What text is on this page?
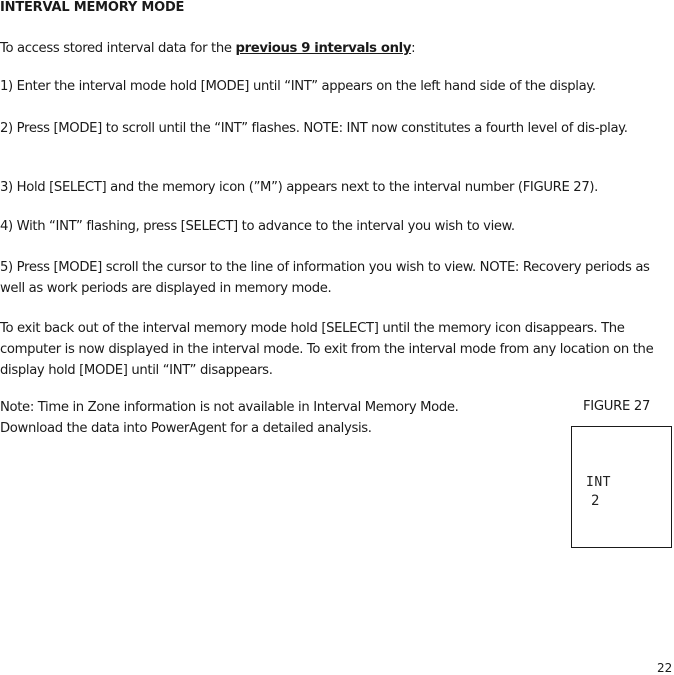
INTERVAL MEMORY MODE

To access stored interval data for the previous 9 intervals only:

1) Enter the interval mode hold [MODE] until “INT” appears on the left hand side of the display.

2) Press [MODE] to scroll until the “INT” flashes. NOTE: INT now constitutes a fourth level of dis-play.

3) Hold [SELECT] and the memory icon (”M”) appears next to the interval number (FIGURE 27).

4) With “INT” flashing, press [SELECT] to advance to the interval you wish to view.

5) Press [MODE] scroll the cursor to the line of information you wish to view. NOTE: Recovery periods as well as work periods are displayed in memory mode.

To exit back out of the interval memory mode hold [SELECT] until the memory icon disappears. The computer is now displayed in the interval mode. To exit from the interval mode from any location on the display hold [MODE] until “INT” disappears.

Note: Time in Zone information is not available in Interval Memory Mode. Download the data into PowerAgent for a detailed analysis.

FIGURE 27
INT
2
22
